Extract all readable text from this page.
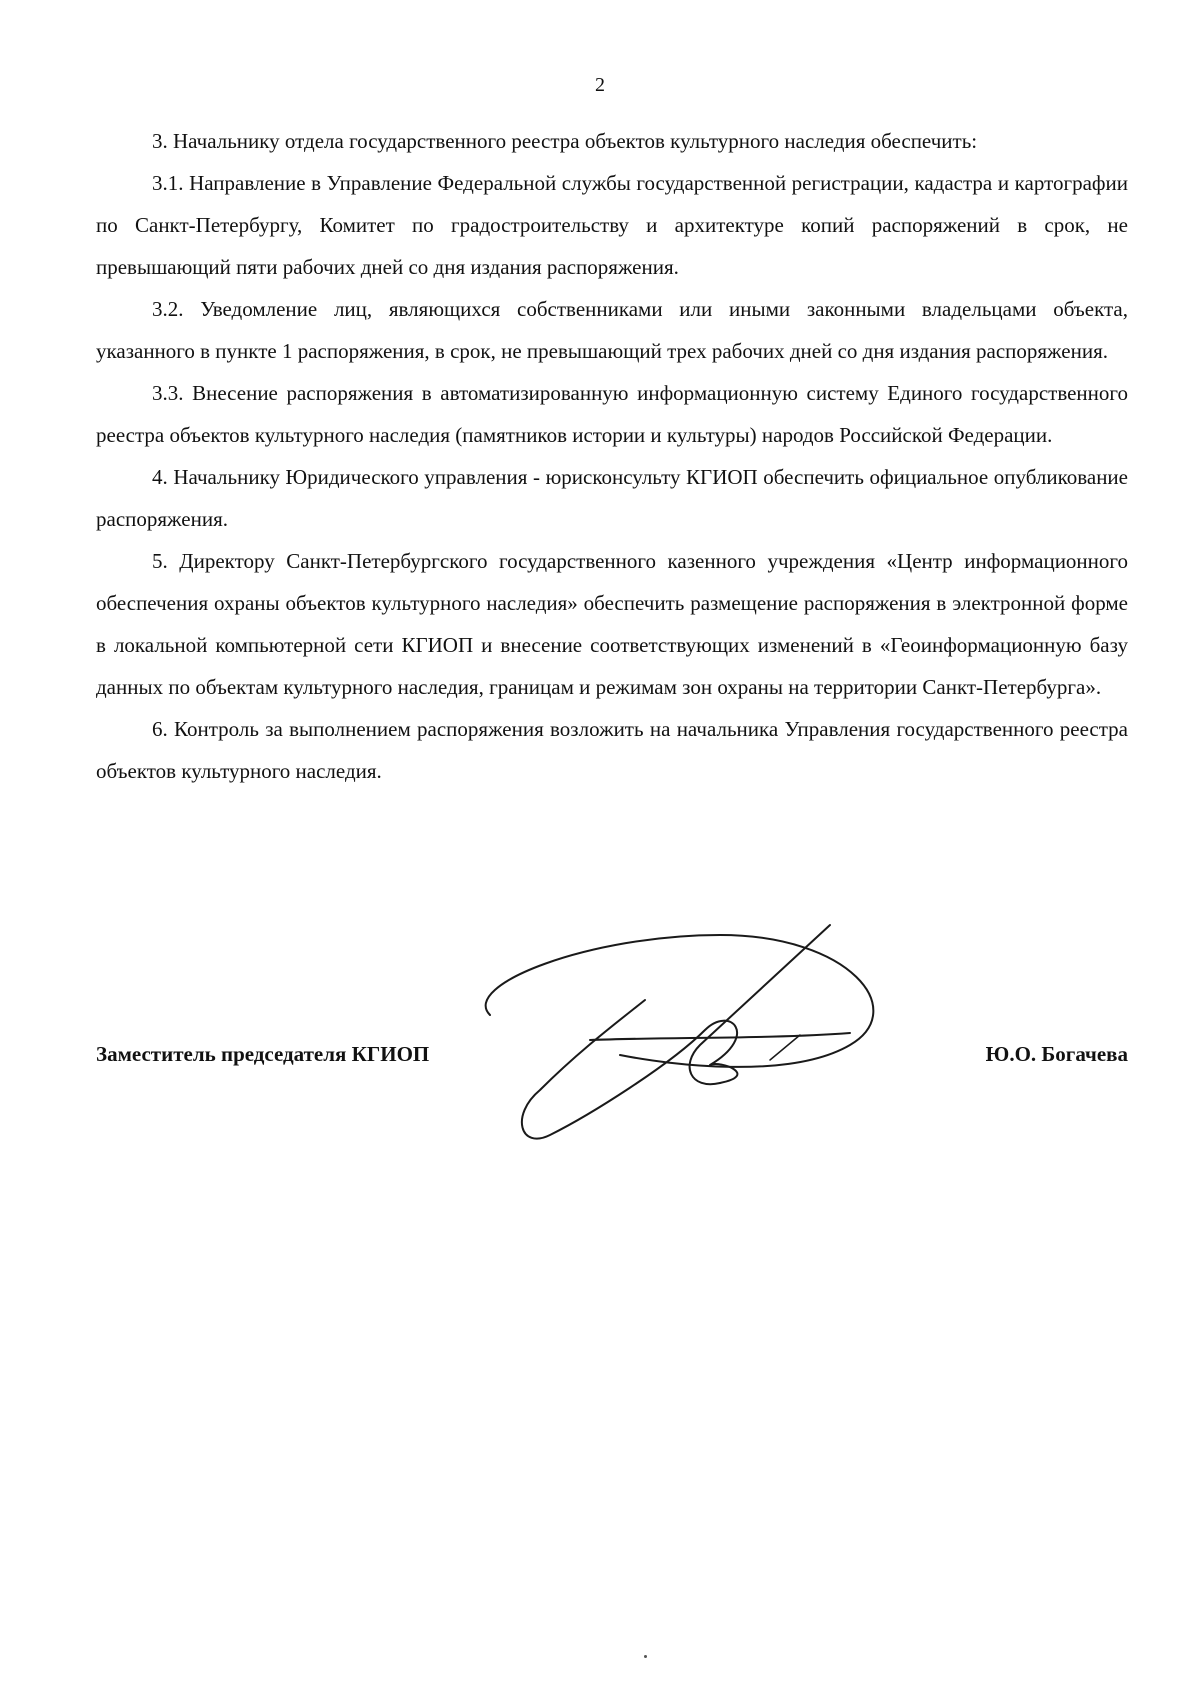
2

3. Начальнику отдела государственного реестра объектов культурного наследия обеспечить:

3.1. Направление в Управление Федеральной службы государственной регистрации, кадастра и картографии по Санкт-Петербургу, Комитет по градостроительству и архитектуре копий распоряжений в срок, не превышающий пяти рабочих дней со дня издания распоряжения.

3.2. Уведомление лиц, являющихся собственниками или иными законными владельцами объекта, указанного в пункте 1 распоряжения, в срок, не превышающий трех рабочих дней со дня издания распоряжения.

3.3. Внесение распоряжения в автоматизированную информационную систему Единого государственного реестра объектов культурного наследия (памятников истории и культуры) народов Российской Федерации.

4. Начальнику Юридического управления - юрисконсульту КГИОП обеспечить официальное опубликование распоряжения.

5. Директору Санкт-Петербургского государственного казенного учреждения «Центр информационного обеспечения охраны объектов культурного наследия» обеспечить размещение распоряжения в электронной форме в локальной компьютерной сети КГИОП и внесение соответствующих изменений в «Геоинформационную базу данных по объектам культурного наследия, границам и режимам зон охраны на территории Санкт-Петербурга».

6. Контроль за выполнением распоряжения возложить на начальника Управления государственного реестра объектов культурного наследия.

Заместитель председателя КГИОП	Ю.О. Богачева
